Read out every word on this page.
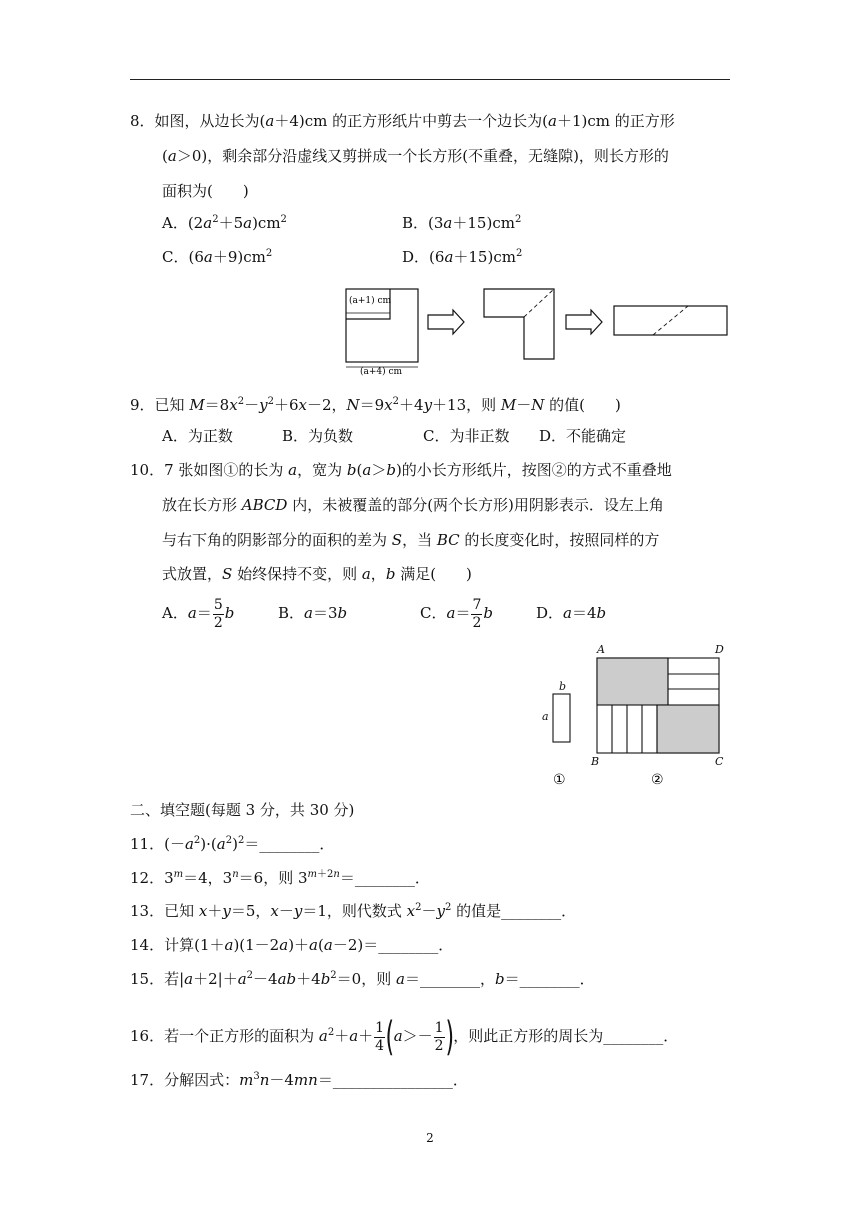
8．如图，从边长为(a＋4)cm 的正方形纸片中剪去一个边长为(a＋1)cm 的正方形
(a＞0)，剩余部分沿虚线又剪拼成一个长方形(不重叠，无缝隙)，则长方形的
面积为(　　)
A．$(2a^2+5a)cm^2$	B．$(3a+15)cm^2$
C．$(6a+9)cm^2$	D．$(6a+15)cm^2$
(a+1) cm
(a+4) cm
9．已知 $M=8x^2-y^2+6x-2$，$N=9x^2+4y+13$，则 M－N 的值(　　)
A．为正数	B．为负数	C．为非正数 D．不能确定
10．7 张如图①的长为 a，宽为 b(a＞b)的小长方形纸片，按图②的方式不重叠地
放在长方形 ABCD 内，未被覆盖的部分(两个长方形)用阴影表示．设左上角
与右下角的阴影部分的面积的差为 S，当 BC 的长度变化时，按照同样的方
式放置，S 始终保持不变，则 a，b 满足(　　)
A．$a= \frac{5}{2}$ b	B．a＝3b	C．$a= \frac{7}{2}$ b	D．a＝4b
b
a
A	D
B	C
①	②
二、填空题(每题 3 分，共 30 分)
11．$(-a^2)\cdot(a^2)^2=\_\_\_\_\_\_\_\_$．
12．$3^m=4$，$3^n=6$，则 $3^{m+2n}=\_\_\_\_\_\_\_\_$．
13．已知 x＋y＝5，x－y＝1，则代数式 $x^2-y^2$ 的值是________．
14．计算(1＋a)(1－2a)＋a(a－2)＝________．
15．若$|a+2|+a^2-4ab+4b^2=0$，则 a＝________，b＝________．
16．若一个正方形的面积为 $a^2+a+ \frac{1}{4} (a>- \frac{1}{2}$ )，则此正方形的周长为________．
17．分解因式：$m^3n-4mn=\_\_\_\_\_\_\_\_\_\_\_\_\_\_\_\_$．
2
